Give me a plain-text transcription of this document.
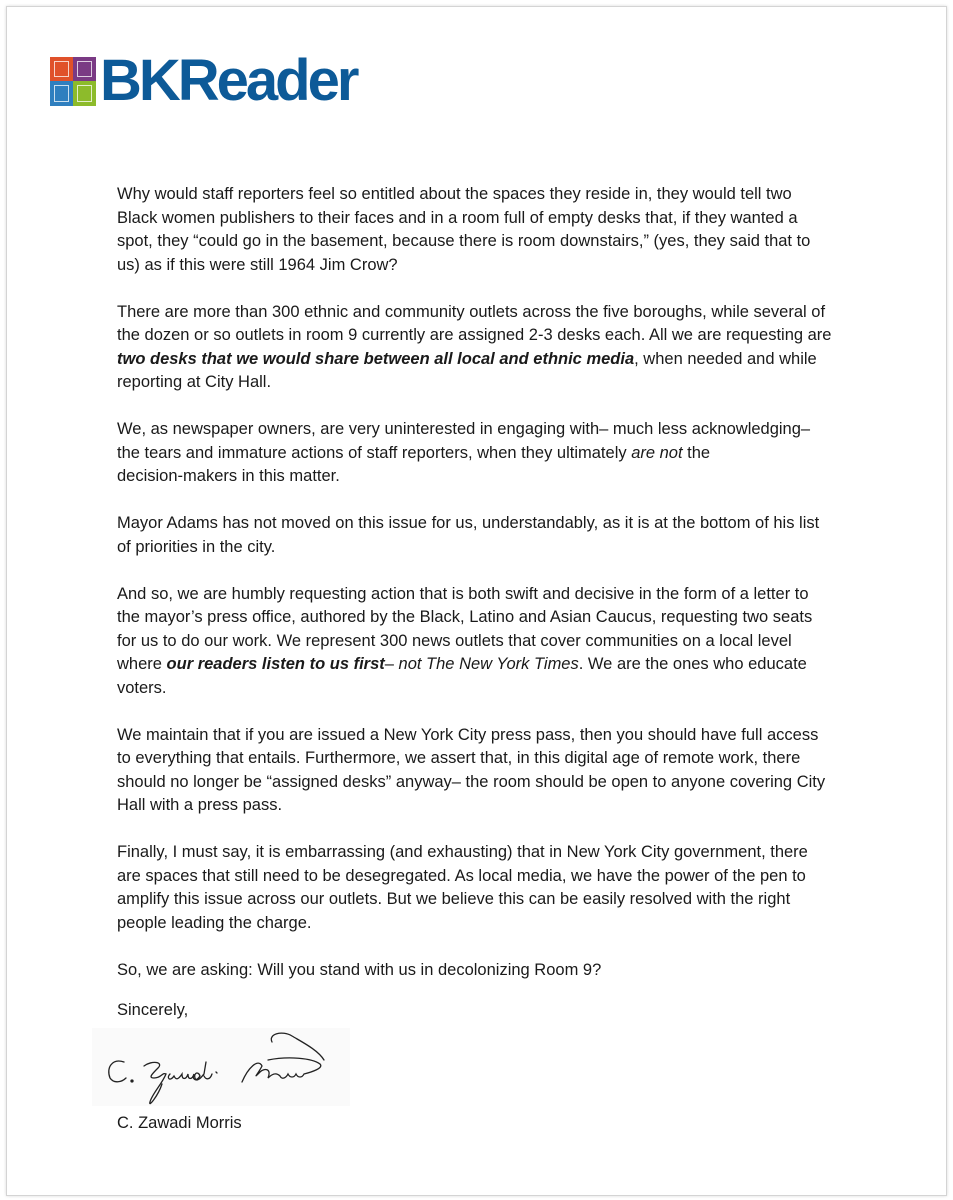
BKReader

Why would staff reporters feel so entitled about the spaces they reside in, they would tell two
Black women publishers to their faces and in a room full of empty desks that, if they wanted a
spot, they “could go in the basement, because there is room downstairs,” (yes, they said that to
us) as if this were still 1964 Jim Crow?

There are more than 300 ethnic and community outlets across the five boroughs, while several of
the dozen or so outlets in room 9 currently are assigned 2-3 desks each. All we are requesting are
two desks that we would share between all local and ethnic media, when needed and while
reporting at City Hall.

We, as newspaper owners, are very uninterested in engaging with– much less acknowledging–
the tears and immature actions of staff reporters, when they ultimately are not the
decision-makers in this matter.

Mayor Adams has not moved on this issue for us, understandably, as it is at the bottom of his list
of priorities in the city.

And so, we are humbly requesting action that is both swift and decisive in the form of a letter to
the mayor’s press office, authored by the Black, Latino and Asian Caucus, requesting two seats
for us to do our work. We represent 300 news outlets that cover communities on a local level
where our readers listen to us first– not The New York Times. We are the ones who educate
voters.

We maintain that if you are issued a New York City press pass, then you should have full access
to everything that entails. Furthermore, we assert that, in this digital age of remote work, there
should no longer be “assigned desks” anyway– the room should be open to anyone covering City
Hall with a press pass.

Finally, I must say, it is embarrassing (and exhausting) that in New York City government, there
are spaces that still need to be desegregated. As local media, we have the power of the pen to
amplify this issue across our outlets. But we believe this can be easily resolved with the right
people leading the charge.

So, we are asking: Will you stand with us in decolonizing Room 9?

Sincerely,
C. Zawadi Morris
